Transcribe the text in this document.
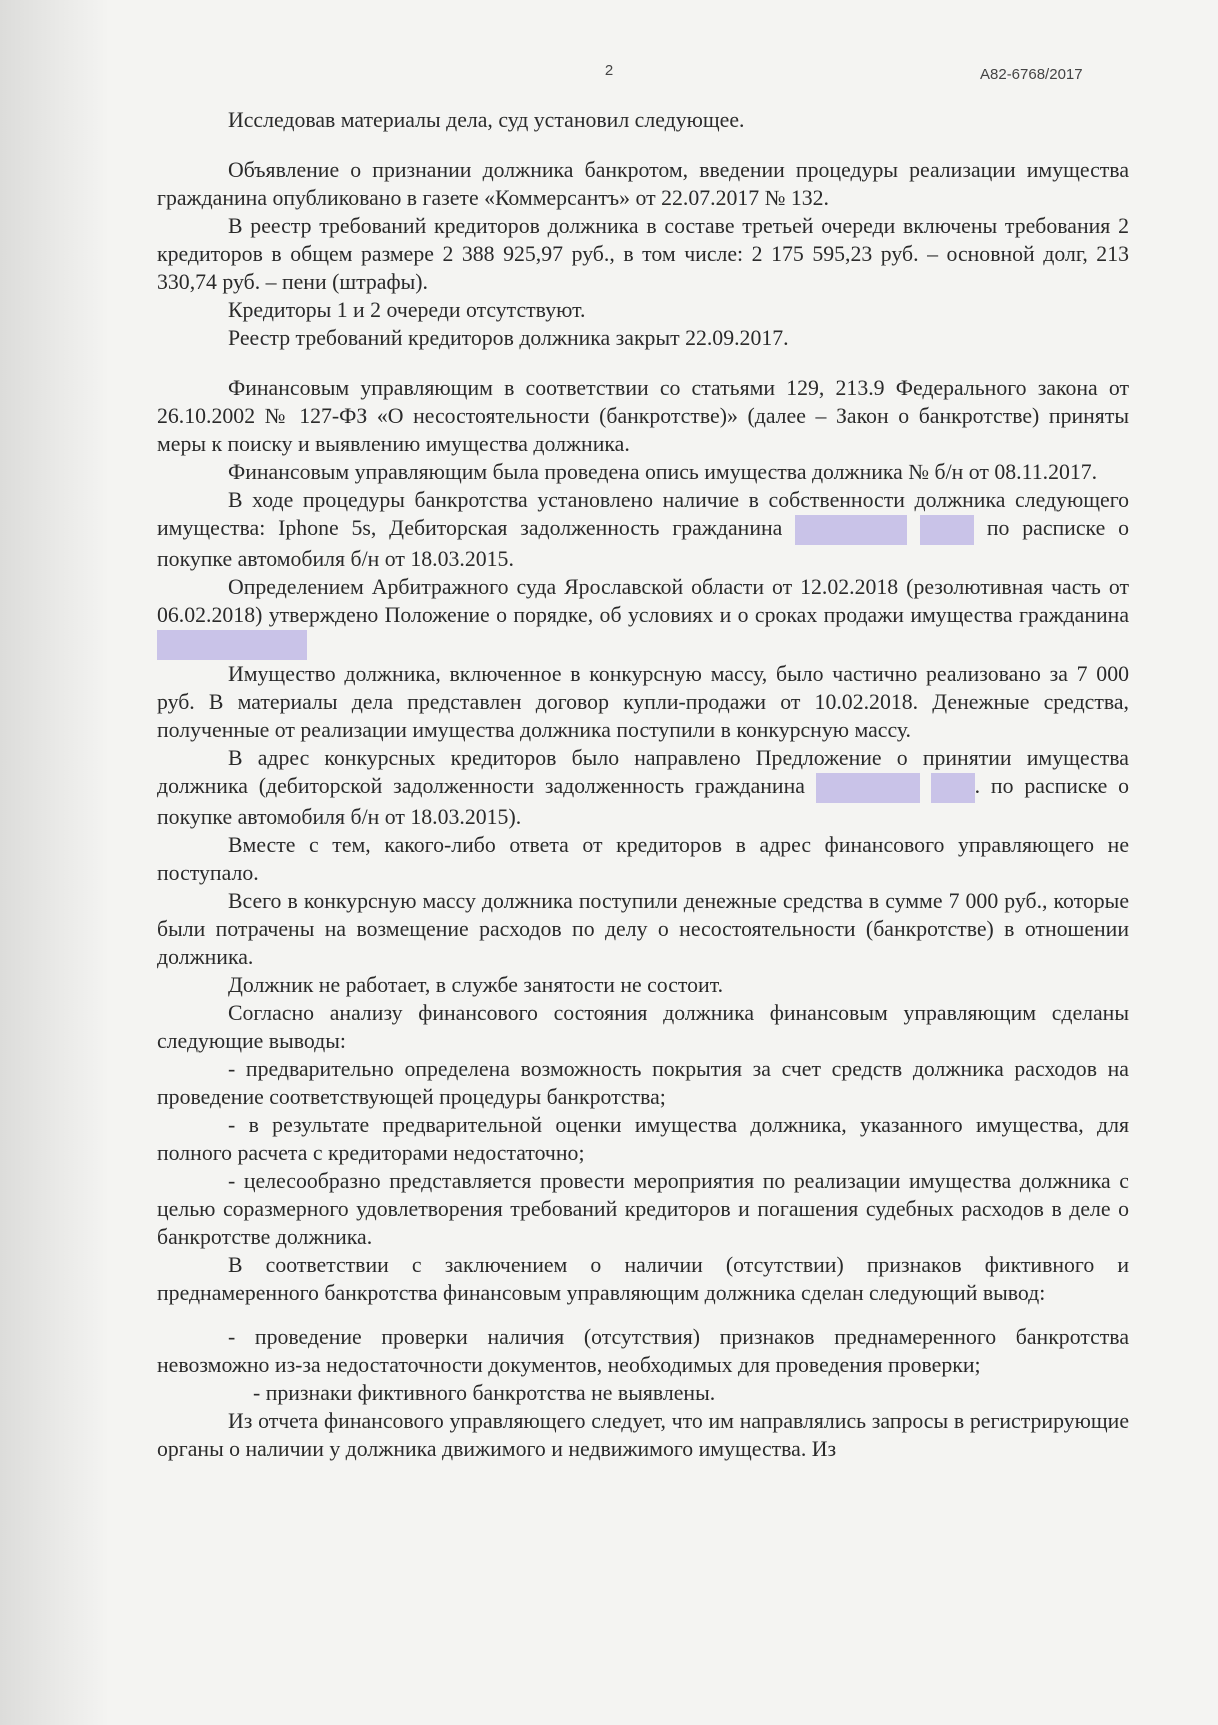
2	А82-6768/2017

Исследовав материалы дела, суд установил следующее.

Объявление о признании должника банкротом, введении процедуры реализации имущества гражданина опубликовано в газете «Коммерсантъ» от 22.07.2017 № 132.

В реестр требований кредиторов должника в составе третьей очереди включены требования 2 кредиторов в общем размере 2 388 925,97 руб., в том числе: 2 175 595,23 руб. – основной долг, 213 330,74 руб. – пени (штрафы).

Кредиторы 1 и 2 очереди отсутствуют.

Реестр требований кредиторов должника закрыт 22.09.2017.

Финансовым управляющим в соответствии со статьями 129, 213.9 Федерального закона от 26.10.2002 № 127-ФЗ «О несостоятельности (банкротстве)» (далее – Закон о банкротстве) приняты меры к поиску и выявлению имущества должника.

Финансовым управляющим была проведена опись имущества должника № б/н от 08.11.2017.

В ходе процедуры банкротства установлено наличие в собственности должника следующего имущества: Iphone 5s, Дебиторская задолженность гражданина	по расписке о покупке автомобиля б/н от 18.03.2015.

Определением Арбитражного суда Ярославской области от 12.02.2018 (резолютивная часть от 06.02.2018) утверждено Положение о порядке, об условиях и о сроках продажи имущества гражданина

Имущество должника, включенное в конкурсную массу, было частично реализовано за 7 000 руб. В материалы дела представлен договор купли-продажи от 10.02.2018. Денежные средства, полученные от реализации имущества должника поступили в конкурсную массу.

В адрес конкурсных кредиторов было направлено Предложение о принятии имущества должника (дебиторской задолженности задолженность гражданина	. по расписке о покупке автомобиля б/н от 18.03.2015).

Вместе с тем, какого-либо ответа от кредиторов в адрес финансового управляющего не поступало.

Всего в конкурсную массу должника поступили денежные средства в сумме 7 000 руб., которые были потрачены на возмещение расходов по делу о несостоятельности (банкротстве) в отношении должника.

Должник не работает, в службе занятости не состоит.

Согласно анализу финансового состояния должника финансовым управляющим сделаны следующие выводы:

- предварительно определена возможность покрытия за счет средств должника расходов на проведение соответствующей процедуры банкротства;

- в результате предварительной оценки имущества должника, указанного имущества, для полного расчета с кредиторами недостаточно;

- целесообразно представляется провести мероприятия по реализации имущества должника с целью соразмерного удовлетворения требований кредиторов и погашения судебных расходов в деле о банкротстве должника.

В соответствии с заключением о наличии (отсутствии) признаков фиктивного и преднамеренного банкротства финансовым управляющим должника сделан следующий вывод:

- проведение проверки наличия (отсутствия) признаков преднамеренного банкротства невозможно из-за недостаточности документов, необходимых для проведения проверки;

- признаки фиктивного банкротства не выявлены.

Из отчета финансового управляющего следует, что им направлялись запросы в регистрирующие органы о наличии у должника движимого и недвижимого имущества. Из
